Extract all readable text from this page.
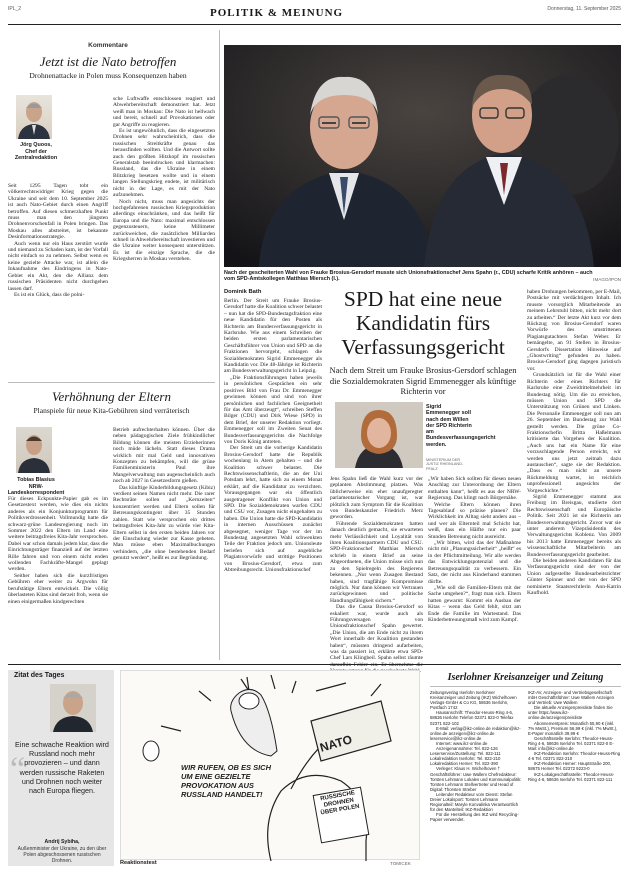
IPL_2	POLITIK & MEINUNG	Donnerstag, 11. September 2025
Kommentare
Jetzt ist die Nato betroffen
Drohnenattacke in Polen muss Konsequenzen haben
Jörg Quoos,
Chef der Zentralredaktion

Seit 1295 Tagen tobt ein völkerrechtswidriger Krieg gegen die Ukraine und seit dem 10. September 2025 ist auch Nato-Gebiet durch einen Angriff betroffen. Auf diesen schmerzhaften Punkt muss man den jüngsten Drohnenvorschenfall in Polen bringen. Das Moskau alles abstreitet, ist bekannte Desinformationsstrategie.

Auch wenn nur ein Haus zerstört wurde und niemand zu Schaden kam, ist der Vorfall nicht einfach so zu nehmen. Selbst wenn es keine gezielte Attacke war, ist allein die Inkaufnahme des Eindringens in Nato-Gebiet ein Akt, den die Allianz dem russischen Präsidenten nicht durchgehen lassen darf.

Es ist ein Glück, dass die polni-

sche Luftwaffe entschlossen reagiert und Abwehrbereitschaft demonstriert hat. Jetzt weiß man in Moskau: Die Nato ist hellwach und bereit, schnell auf Provokationen oder gar Angriffe zu reagieren.

Es ist ungewöhnlich, dass die eingesetzten Drohnen sehr wahrscheinlich, dass die russischen Streitkräfte genau das herausfinden wollten. Und die Antwort sollte auch den größten Hitzkopf im russischen Generalstab beeindrucken und klarmachen: Russland, das die Ukraine in einem Blitzkrieg besetzen wollte und in einem langen Stellungskrieg endete, ist militärisch nicht in der Lage, es mit der Nato aufzunehmen.

Noch nicht, muss man angesichts der hochgefahrenen russischen Kriegsproduktion allerdings einschränken, und das heißt für Europa und die Nato: maximal entschlossen gegenzusteuern, keine Millimeter zurückweichen, die zusätzlichen Milliarden schnell in Abwehrbereitschaft investieren und die Ukraine weiter konsequent unterstützen. Es ist die einzige Sprache, die die Kriegsherren in Moskau verstehen.

Verhöhnung der Eltern
Planspiele für neue Kita-Gebühren sind verräterisch
Tobias Blasius
NRW-Landeskorrespondent

Für dieses Eckpunkte-Papier gab es im Gesetzestext werden, wie dies ein nichts anderes als ein Konjunkturprogramm für Politikverdrossenheit. Vollmundig hatte die schwarz-grüne Landesregierung noch im Sommer 2022 den Eltern im Land eine weitere beitragsfreies Kita-Jahr versprochen. Dabei war schon damals jedem klar, dass die Einrichtungsträger finanziell auf der letzten Rille fahren und von einem nicht enden wollenden Fachkräfte-Mangel geplagt werden.

Seither haben sich die kurzfristigen Gebühren eher weiter zu Argwohn für berufstätige Eltern entwickelt. Die völlig überlasteten Kitas sind derzeit froh, wenn sie einen einigermaßen kindgerechten

Betrieb aufrechterhalten können. Über die neben pädagogischen Ziele frühkindlicher Bildung können die meisten Erzieherinnen noch müde lächeln. Statt dieses Drama wirklich mit mal Geld und innovativen Konzepten zu bekämpfen, will die grüne Familienministerin Paul ihre Mangelverwaltung nun augenscheinlich auch noch ab 2027 in Gesetzesform gießen.

Das künftige Kinderbildungsgesetz (Kibiz) verdient seinen Namen nicht mehr. Die rarer Rechtsräte sollen auf „Kernzeiten“ konzentriert werden und Eltern sollen für Betreuungskontingent über 35 Stunden zahlen. Statt wie versprochen ein drittes beitragsfreies Kita-Jahr zu würde vier Kita-Eltern selbst in den ersten beiden Jahren vor der Einschulung wieder zur Kasse gebeten. Man müsse eben Maximalbuchungen verhindern, „die ohne bestehenden Bedarf genutzt werden“, heißt es zur Begründung.

Nach der gescheiterten Wahl von Frauke Brosius-Gersdorf musste sich Unionsfraktionschef Jens Spahn (r., CDU) scharfe Kritik anhören – auch vom SPD-Amtskollegen Matthias Miersch (l.).	IMAGO/IPON
Dominik Bath

Berlin. Der Streit um Frauke Brosius-Gersdorf hatte die Koalition schwer belastet – nun hat die SPD-Bundestagsfraktion eine neue Kandidatin für den Posten als Richterin am Bundesverfassungsgericht in Karlsruhe. Wie aus einem Schreiben der beiden ersten parlamentarischen Geschäftsführer von Union und SPD an die Fraktionen hervorgeht, schlagen die Sozialdemokraten Sigrid Emmenegger als Kandidatin vor. Die 48-Jährige ist Richterin am Bundesverwaltungsgericht in Leipzig.

„Die Fraktionsführungen haben jeweils in persönlichen Gesprächen ein sehr positives Bild von Frau Dr. Emmenegger gewinnen können und sind von ihrer persönlichen und fachlichen Geeignetheit für das Amt überzeugt“, schreiben Steffen Bilger (CDU) und Dirk Wiese (SPD) in dem Brief, der unserer Redaktion vorliegt. Emmenegger soll im Zweiten Senat des Bundesverfassungsgerichts die Nachfolge von Doris König antreten.

Der Streit um die vorherige Kandidatin Brosius-Gersdorf hatte die Republik wochenlang in Atem gehalten – und die Koalition schwer belastet. Die Rechtswissenschaftlerin, die an der Uni Potsdam lehrt, hatte sich zu einem Monat erklärt, auf die Kandidatur zu verzichten. Vorausgegangen war ein öffentlich ausgetragener Konflikt von Union und SPD. Die Sozialdemokraten warfen CDU und CSU vor, Zusagen nicht eingehalten zu haben. Die Union hatte die SPD-Kandidatin in internen Ausschüssen zunächst abgesegnet, weniger Tage vor der im Bundestag angesetzten Wahl schwenkten Teile der Fraktion jedoch um. Unionsleute beriefen sich auf angebliche Plagiatsvorwürfe und strittige Positionen von Brosius-Gersdorf, etwa zum Abtreibungsrecht. Unionsfraktionschef

SPD hat eine neue Kandidatin fürs Verfassungsgericht
Nach dem Streit um Frauke Brosius-Gersdorf schlagen die Sozialdemokraten Sigrid Emmenegger als künftige Richterin vor
Sigrid Emmenegger soll nach dem Willen der SPD Richterin am Bundesverfassungsgericht werden.
MINISTERIUM DER JUSTIZ RHEINLAND-PFALZ

Jens Spahn ließ die Wahl kurz vor der geplanten Abstimmung platzen. Was üblicherweise ein eher unaufgeregter parlamentarischer Vorgang ist, war plötzlich zum Symptom für die Koalition von Bundeskanzler Friedrich Merz geworden.

Führende Sozialdemokraten hatten danach deutlich gemacht, sie erwarteten mehr Verlässlichkeit und Loyalität von ihren Koalitionspartnern CDU und CSU. SPD-Fraktionschef Matthias Miersch schrieb in einem Brief an seine Abgeordneten, die Union müsse sich nun zu den Spielregeln des Regierens bekennen. „Nur wenn Zusagen Bestand haben, sind tragfähige Kompromisse möglich. Nur dann können wir Vertrauen zurückgewinnen und politische Handlungsfähigkeit sichern.“

Das die Causa Brosius-Gersdorf so eskaliert war, wurde auch als Führungsversagen von Unionsfraktionschef Spahn gewertet. „Die Union, die am Ende nicht zu ihrem Wort innerhalb der Koalition gestanden haben“, müssten dringend aufarbeiten, was da passiert ist, erklärte etwa SPD-Chef Lars Klingbeil. Spahn selbst räumte

haben Drohungen bekommen, per E-Mail, Postsäcke mit verdächtigem Inhalt. Ich musste vorsorglich Mitarbeitende an meinem Lehrstuhl bitten, nicht mehr dort zu arbeiten.“ Der letzte Akt kurz vor dem Rückzug von Brosius-Gersdorf waren Vorwürfe des umstrittenen Plagiatsgutachters Stefan Weber. Er bemängelte, an 91 Stellen in Brosius-Gersdorfs Dissertation Hinweise auf „Ghostwriting“ gefunden zu haben. Brosius-Gersdorf ging dagegen juristisch vor.

Grundsätzlich ist für die Wahl einer Richterin oder eines Richters für Karlsruhe eine Zweidrittelmehrheit im Bundestag nötig. Um die zu erreichen, müssen Union und SPD die Unterstützung von Grünen und Linken. Die Personalie Emmenegger soll nun am 26. September im Bundestag zur Wahl gestellt werden. Die grüne Co-Fraktionschefin Britta Haßelmann kritisierte das Vorgehen der Koalition. „Auch uns hat ein Name für eine vorzuschlagende Person erreicht, wir werden uns jetzt zeitnah dazu austauschen“, sagte sie der Redaktion. „Dass es man nicht an unsere Rückmeldung wartet, ist reichlich unprofessionell angesichts der Vorgeschichte.“

Sigrid Emmenegger stammt aus Freiburg im Breisgau, studierte dort Rechtswissenschaft und Europäische Politik. Seit 2021 ist sie Richterin am Bundesverwaltungsgericht. Zuvor war sie unter anderem Vizepräsidentin des Verwaltungsgerichts Koblenz. Von 2009 bis 2013 hatte Emmenegger bereits als wissenschaftliche Mitarbeiterin am Bundesverfassungsgericht gearbeitet.

Die beiden anderen Kandidaten für das Verfassungsgericht sind der von der Union aufgestellte Bundesarbeitsrichter Günter Spinner und der von der SPD nominierte Staatsrechtlerin Ann-Katrin Kaufhold.

„Wir haben Sich sollten für diesen neuen Anschlag zur Unterordnung der Eltern enthalten kann“, heißt es aus der NRW-Regierung. Das klingt nach Bürgernähe.

Welche Eltern können ihren Tagesablauf so präzise planen? Die Wirklichkeit im Alltag sieht anders aus – und wer als Elternteil mal Schicht hat, weiß, dass ein Hälfte nur ein paar Stunden Betreuung nicht ausreicht.

„Wir bitten, wird das der Maßnahme nicht mit „Planungssicherheit“ „heißt“ es in der Pflichtmitteilung. Wir alle werden das Entwicklungspotenzial und die Betreuungsqualität zu verbessern. Ein Satz, der nicht aus Kinderhand stammen dürfte.

„Wie soll die Familien-Eltern mit der Sache umgehen?“, fragt man sich. Eltern hatten gewarnt: Kommt ein Ausbau der Kitas – wenn das Geld fehlt, sitzt am Ende die Familie im Wartestand. Das Kinderbetreuungsmaß wird zum Kampf.

Zitat des Tages
“
Eine schwache Reaktion wird Russland noch mehr provozieren – und dann werden russische Raketen und Drohnen noch weiter nach Europa fliegen.
Andrij Sybiha,
Außenminister der Ukraine, zu den über Polen abgeschossenen russischen Drohnen.
NATO
RUSSISCHE DROHNEN ÜBER POLEN
WIR RUFEN, OB ES SICH UM EINE GEZIELTE PROVOKATION AUS RUSSLAND HANDELT!
Reaktionstest	TOMICEK
Iserlohner Kreisanzeiger und Zeitung

Zeitungsverlag Iserlohn Iserlohner Kreisanzeiger und Zeitung (IKZ) Wichelhoven Verlags-GmbH & Co KG, 58636 Iserlohn, Postfach 1742

Hausanschrift: Theodor-Heuss-Ring 4-6, 58636 Iserlohn Telefon 02371 822-0 Telefax 02371 822-102

E-Mail: verlag@ikz-online.de redaktion@ikz-online.de anzeigen@ikz-online.de leserservice@ikz-online.de

Internet: www.ikz-online.de

Anzeigenannahme: Tel. 822-126 Leserservice/Zustellung: Tel. 822-111 Lokalredaktion Iserlohn: Tel. 822-210 Lokalredaktion Hemer: Tel. 822-390

Verleger: Klaus H. Wichelhoven † Geschäftsführer: Uwe Wallem Chefredakteur: Torsten Lehmann Lokales und Kommunalpolitik: Torsten Lehmann Stellvertreter und Head of Digital: Thorsten Streber

Leitender Redakteur vom Dienst: Stefan Dreier Lokalsport: Torsten Lehmann Regionalteil: Maryle Konvalinka Verantwortlich für den Mantelteil: IKZ-Redaktion

Für die Herstellung des IKZ wird Recycling-Papier verwendet.

IKZ-AV, Anzeigen- und Vertriebsgesellschaft mbH Geschäftsführer: Uwe Wallem Anzeigen und Vertrieb: Uwe Wallem

Die aktuelle Anzeigenpreisliste finden Sie unter https://www.ikz-online.de/anzeigen/preisliste

Abonnementpreis: Monatlich 55,90 € (inkl. 7% MwSt.), Premium 56,99 € (inkl. 7% MwSt.), E-Paper monatlich 39,99 €

Geschäftsstelle Iserlohn: Theodor-Heuss-Ring 4-6, 58636 Iserlohn Tel. 02371 822-0 E-Mail: info@ikz-online.de

IKZ-Redaktion Iserlohn: Theodor-Heuss-Ring 4-6 Tel. 02371 822-210

IKZ-Redaktion Hemer: Hauptstraße 200, 58675 Hemer Tel. 02372 9223-0

IKZ-Lokalgeschäftsstelle: Theodor-Heuss-Ring 4-6, 58636 Iserlohn Tel. 02371 822-111
